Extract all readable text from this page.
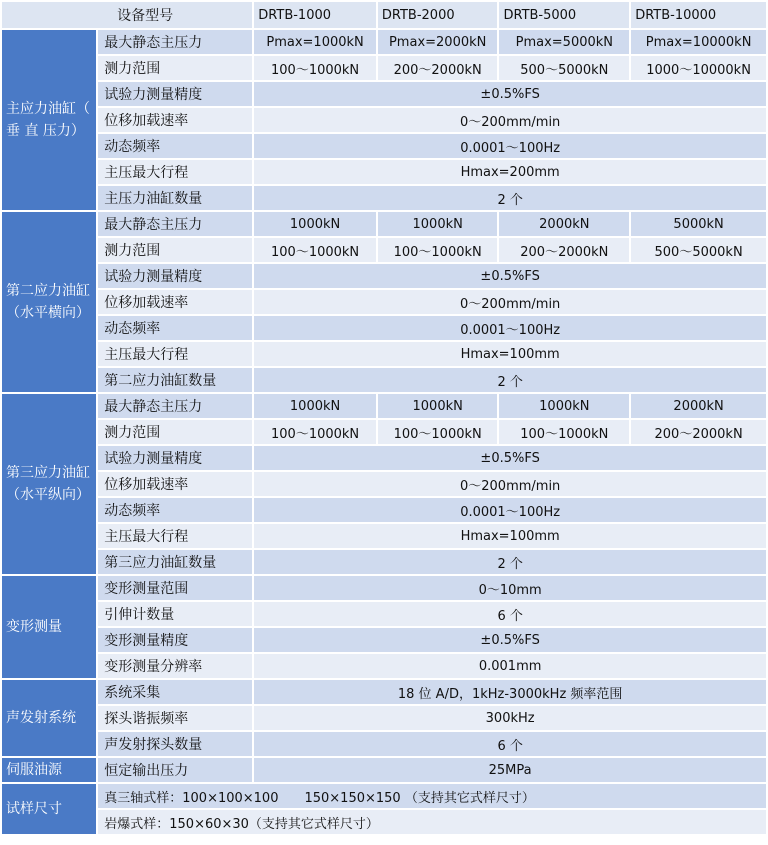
设备型号		DRTB-1000	DRTB-2000	DRTB-5000	DRTB-10000
主应力油缸（ 垂 直 压力）	最大静态主压力	Pmax=1000kN	Pmax=2000kN	Pmax=5000kN	Pmax=10000kN
	测力范围	100～1000kN	200～2000kN	500～5000kN	1000～10000kN
	试验力测量精度	±0.5%FS			
	位移加载速率	0～200mm/min			
	动态频率	0.0001～100Hz			
	主压最大行程	Hmax=200mm			
	主压力油缸数量	2 个			
第二应力油缸（水平横向）	最大静态主压力	1000kN	1000kN	2000kN	5000kN
	测力范围	100～1000kN	100～1000kN	200～2000kN	500～5000kN
	试验力测量精度	±0.5%FS			
	位移加载速率	0～200mm/min			
	动态频率	0.0001～100Hz			
	主压最大行程	Hmax=100mm			
	第二应力油缸数量	2 个			
第三应力油缸（水平纵向）	最大静态主压力	1000kN	1000kN	1000kN	2000kN
	测力范围	100～1000kN	100～1000kN	100～1000kN	200～2000kN
	试验力测量精度	±0.5%FS			
	位移加载速率	0～200mm/min			
	动态频率	0.0001～100Hz			
	主压最大行程	Hmax=100mm			
	第三应力油缸数量	2 个			
变形测量	变形测量范围	0～10mm			
	引伸计数量	6 个			
	变形测量精度	±0.5%FS			
	变形测量分辨率	0.001mm			
声发射系统	系统采集	18 位 A/D，1kHz-3000kHz 频率范围			
	探头谐振频率	300kHz			
	声发射探头数量	6 个			
伺服油源	恒定输出压力	25MPa			
试样尺寸	真三轴式样：100×100×100　　150×150×150 （支持其它式样尺寸）				
	岩爆式样：150×60×30（支持其它式样尺寸）				
